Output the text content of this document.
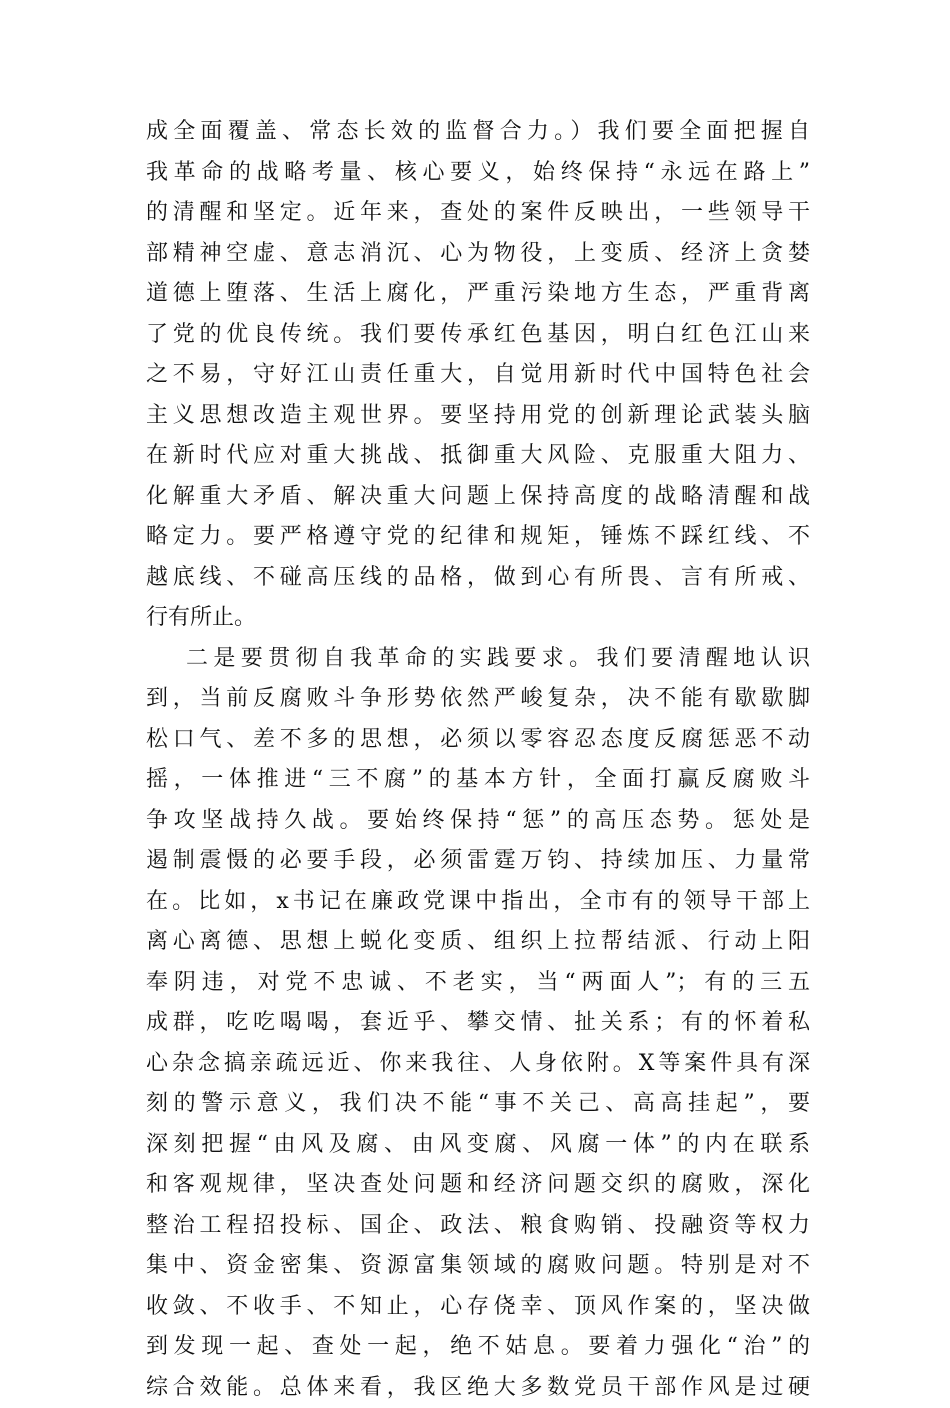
成全面覆盖、常态长效的监督合力。）我们要全面把握自
我革命的战略考量、核心要义，始终保持“永远在路上”
的清醒和坚定。近年来，查处的案件反映出，一些领导干
部精神空虚、意志消沉、心为物役，上变质、经济上贪婪
道德上堕落、生活上腐化，严重污染地方生态，严重背离
了党的优良传统。我们要传承红色基因，明白红色江山来
之不易，守好江山责任重大，自觉用新时代中国特色社会
主义思想改造主观世界。要坚持用党的创新理论武装头脑
在新时代应对重大挑战、抵御重大风险、克服重大阻力、
化解重大矛盾、解决重大问题上保持高度的战略清醒和战
略定力。要严格遵守党的纪律和规矩，锤炼不踩红线、不
越底线、不碰高压线的品格，做到心有所畏、言有所戒、
行有所止。
二是要贯彻自我革命的实践要求。我们要清醒地认识
到，当前反腐败斗争形势依然严峻复杂，决不能有歇歇脚
松口气、差不多的思想，必须以零容忍态度反腐惩恶不动
摇，一体推进“三不腐”的基本方针，全面打赢反腐败斗
争攻坚战持久战。要始终保持“惩”的高压态势。惩处是
遏制震慑的必要手段，必须雷霆万钧、持续加压、力量常
在。比如，x书记在廉政党课中指出，全市有的领导干部上
离心离德、思想上蜕化变质、组织上拉帮结派、行动上阳
奉阴违，对党不忠诚、不老实，当“两面人”；有的三五
成群，吃吃喝喝，套近乎、攀交情、扯关系；有的怀着私
心杂念搞亲疏远近、你来我往、人身依附。X等案件具有深
刻的警示意义，我们决不能“事不关己、高高挂起”，要
深刻把握“由风及腐、由风变腐、风腐一体”的内在联系
和客观规律，坚决查处问题和经济问题交织的腐败，深化
整治工程招投标、国企、政法、粮食购销、投融资等权力
集中、资金密集、资源富集领域的腐败问题。特别是对不
收敛、不收手、不知止，心存侥幸、顶风作案的，坚决做
到发现一起、查处一起，绝不姑息。要着力强化“治”的
综合效能。总体来看，我区绝大多数党员干部作风是过硬
